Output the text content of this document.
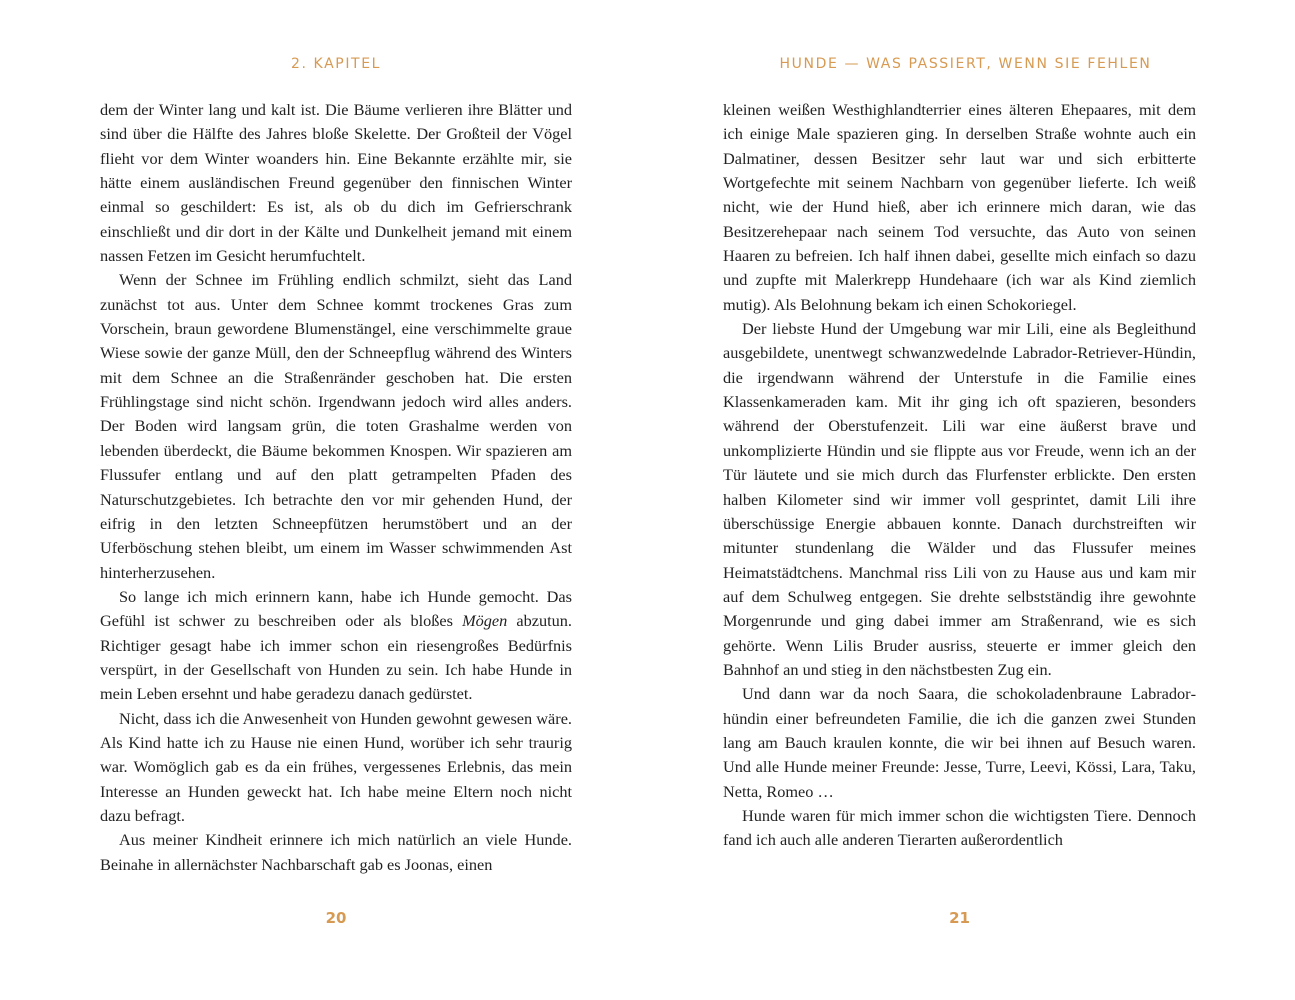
2. KAPITEL

dem der Winter lang und kalt ist. Die Bäume verlieren ihre Blätter und sind über die Hälfte des Jahres bloße Skelette. Der Großteil der Vögel flieht vor dem Winter woanders hin. Eine Bekannte erzählte mir, sie hätte einem ausländischen Freund gegenüber den finnischen Winter einmal so geschildert: Es ist, als ob du dich im Gefrierschrank einschließt und dir dort in der Kälte und Dunkelheit jemand mit einem nassen Fetzen im Gesicht herumfuchtelt.

Wenn der Schnee im Frühling endlich schmilzt, sieht das Land zunächst tot aus. Unter dem Schnee kommt trockenes Gras zum Vorschein, braun gewordene Blumenstängel, eine verschimmelte graue Wiese sowie der ganze Müll, den der Schneepflug während des Winters mit dem Schnee an die Straßenränder geschoben hat. Die ersten Frühlingstage sind nicht schön. Irgendwann jedoch wird alles anders. Der Boden wird langsam grün, die toten Grashalme werden von lebenden überdeckt, die Bäume bekommen Knospen. Wir spazieren am Flussufer entlang und auf den platt getrampelten Pfaden des Naturschutzgebietes. Ich betrachte den vor mir gehenden Hund, der eifrig in den letzten Schneepfützen herumstöbert und an der Uferböschung stehen bleibt, um einem im Wasser schwimmenden Ast hinterherzusehen.

So lange ich mich erinnern kann, habe ich Hunde gemocht. Das Gefühl ist schwer zu beschreiben oder als bloßes Mögen abzutun. Richtiger gesagt habe ich immer schon ein riesengroßes Bedürfnis verspürt, in der Gesellschaft von Hunden zu sein. Ich habe Hunde in mein Leben ersehnt und habe geradezu danach gedürstet.

Nicht, dass ich die Anwesenheit von Hunden gewohnt gewesen wäre. Als Kind hatte ich zu Hause nie einen Hund, worüber ich sehr traurig war. Womöglich gab es da ein frühes, vergessenes Erlebnis, das mein Interesse an Hunden geweckt hat. Ich habe meine Eltern noch nicht dazu befragt.

Aus meiner Kindheit erinnere ich mich natürlich an viele Hunde. Beinahe in allernächster Nachbarschaft gab es Joonas, einen

20
HUNDE — WAS PASSIERT, WENN SIE FEHLEN

kleinen weißen Westhighlandterrier eines älteren Ehepaares, mit dem ich einige Male spazieren ging. In derselben Straße wohnte auch ein Dalmatiner, dessen Besitzer sehr laut war und sich erbitterte Wortgefechte mit seinem Nachbarn von gegenüber lieferte. Ich weiß nicht, wie der Hund hieß, aber ich erinnere mich daran, wie das Besitzerehepaar nach seinem Tod versuchte, das Auto von seinen Haaren zu befreien. Ich half ihnen dabei, gesellte mich einfach so dazu und zupfte mit Malerkrepp Hundehaare (ich war als Kind ziemlich mutig). Als Belohnung bekam ich einen Schokoriegel.

Der liebste Hund der Umgebung war mir Lili, eine als Begleithund ausgebildete, unentwegt schwanzwedelnde Labrador-Retriever-Hündin, die irgendwann während der Unterstufe in die Familie eines Klassenkameraden kam. Mit ihr ging ich oft spazieren, besonders während der Oberstufenzeit. Lili war eine äußerst brave und unkomplizierte Hündin und sie flippte aus vor Freude, wenn ich an der Tür läutete und sie mich durch das Flurfenster erblickte. Den ersten halben Kilometer sind wir immer voll gesprintet, damit Lili ihre überschüssige Energie abbauen konnte. Danach durchstreiften wir mitunter stundenlang die Wälder und das Flussufer meines Heimatstädtchens. Manchmal riss Lili von zu Hause aus und kam mir auf dem Schulweg entgegen. Sie drehte selbstständig ihre gewohnte Morgenrunde und ging dabei immer am Straßenrand, wie es sich gehörte. Wenn Lilis Bruder ausriss, steuerte er immer gleich den Bahnhof an und stieg in den nächstbesten Zug ein.

Und dann war da noch Saara, die schokoladenbraune Labradorhündin einer befreundeten Familie, die ich die ganzen zwei Stunden lang am Bauch kraulen konnte, die wir bei ihnen auf Besuch waren. Und alle Hunde meiner Freunde: Jesse, Turre, Leevi, Kössi, Lara, Taku, Netta, Romeo …

Hunde waren für mich immer schon die wichtigsten Tiere. Dennoch fand ich auch alle anderen Tierarten außerordentlich

21
